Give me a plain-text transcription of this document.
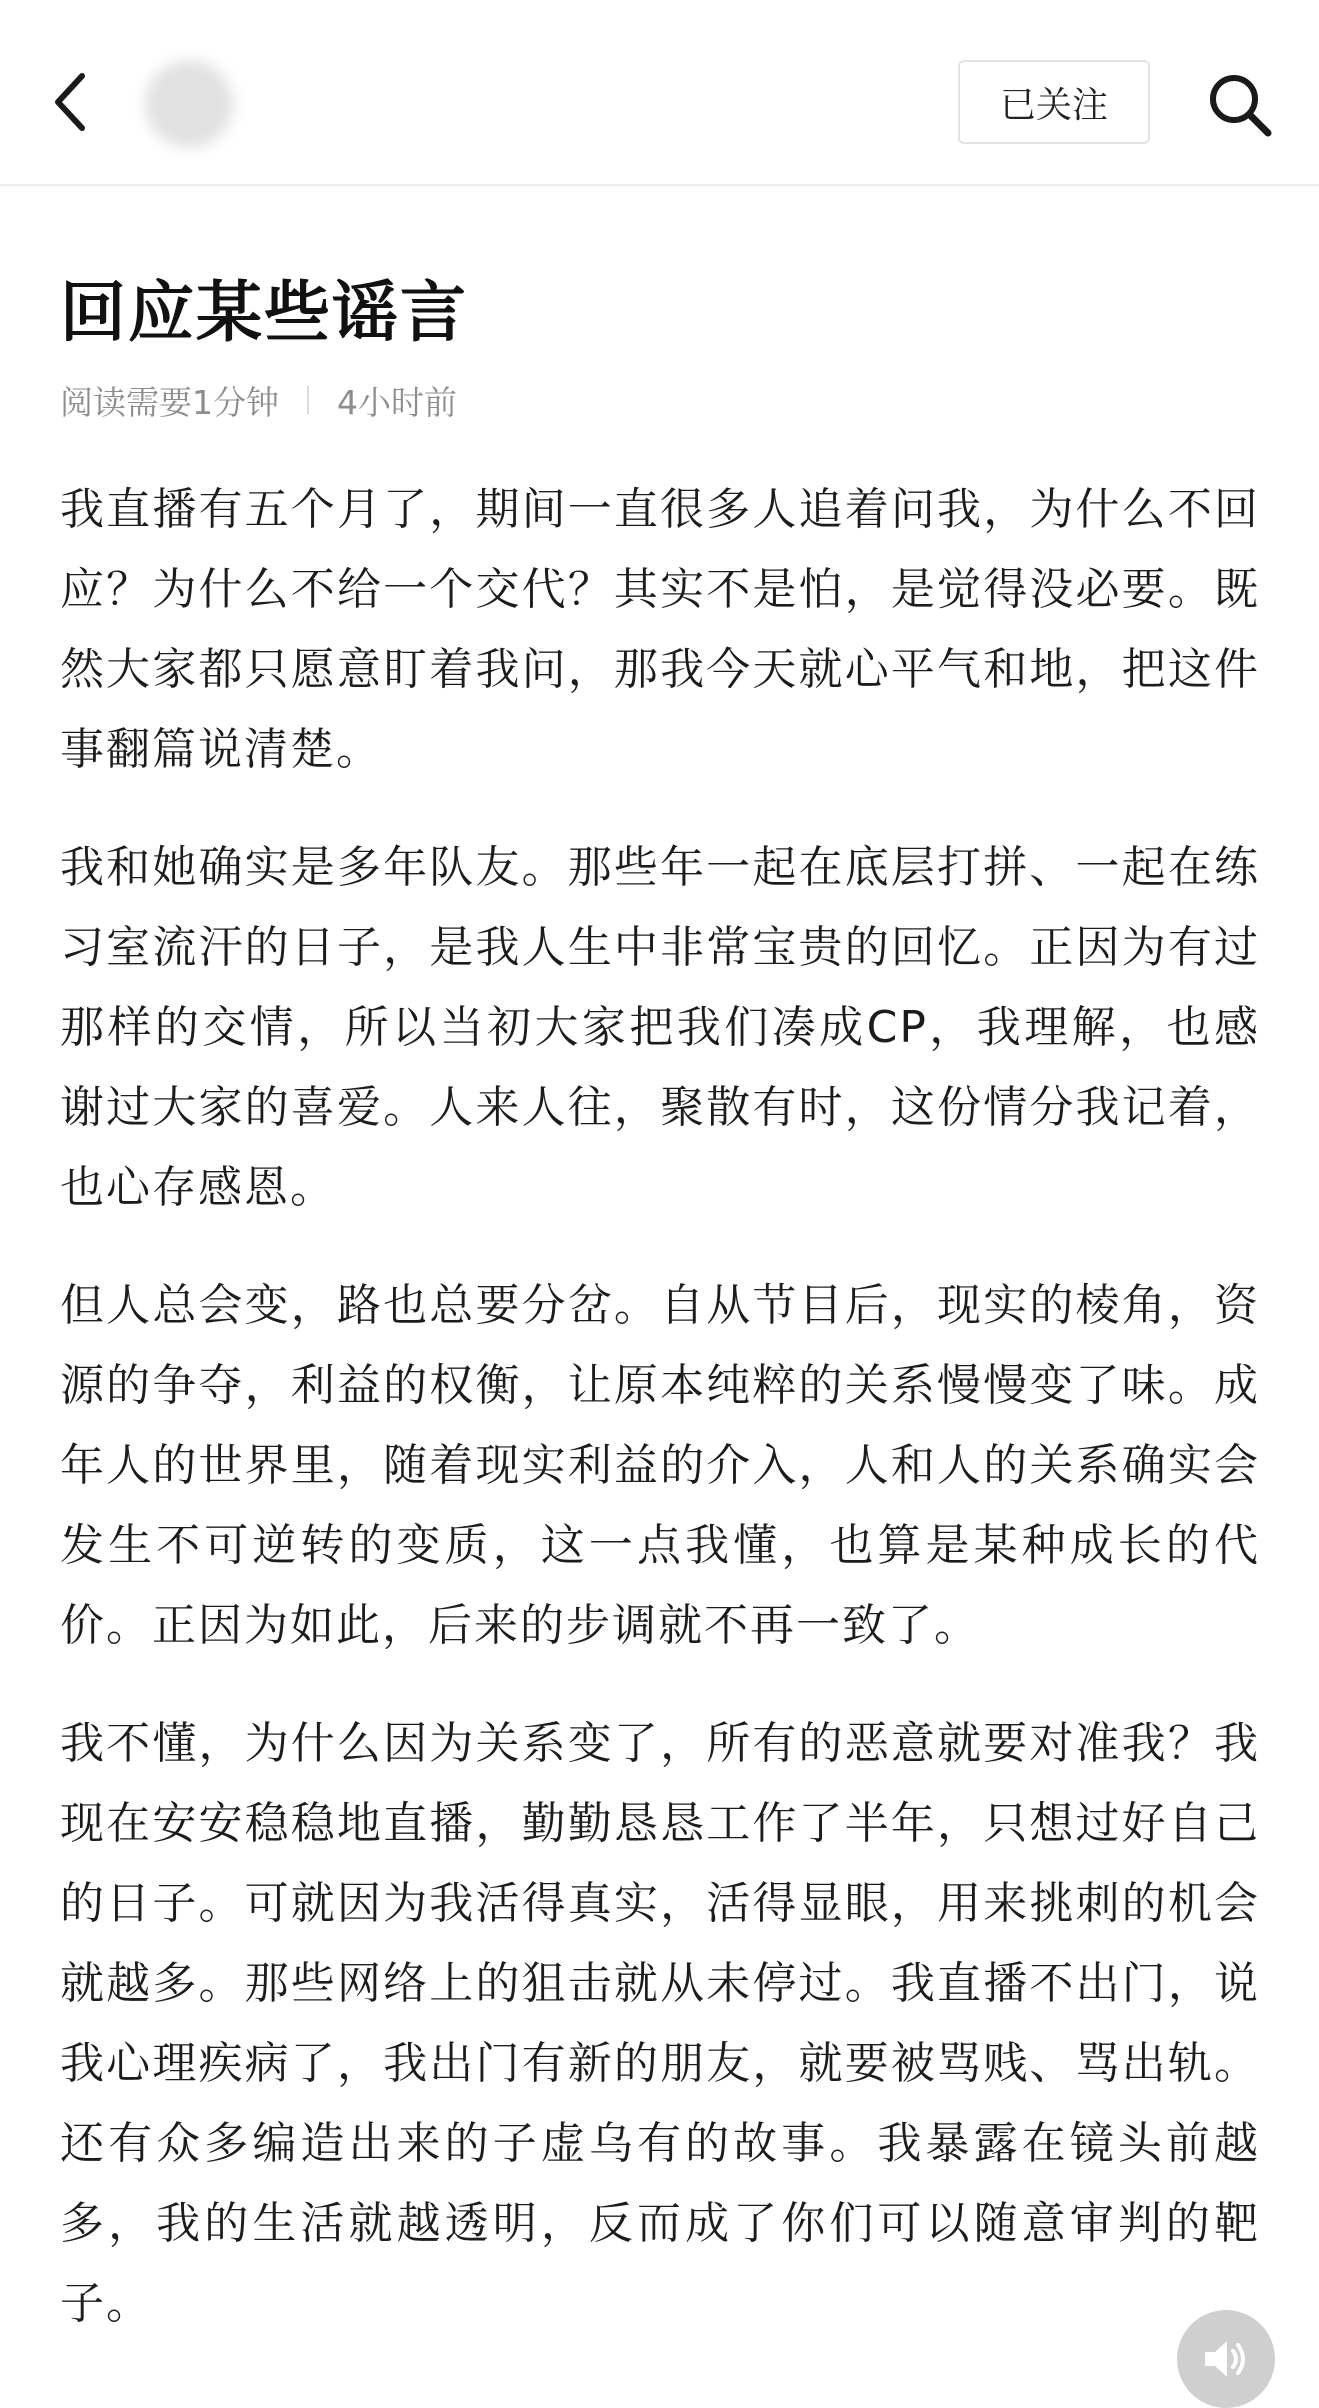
已关注
回应某些谣言
阅读需要1分钟 4小时前

我直播有五个月了，期间一直很多人追着问我，为什么不回应？为什么不给一个交代？其实不是怕，是觉得没必要。既然大家都只愿意盯着我问，那我今天就心平气和地，把这件事翻篇说清楚。

我和她确实是多年队友。那些年一起在底层打拼、一起在练习室流汗的日子，是我人生中非常宝贵的回忆。正因为有过那样的交情，所以当初大家把我们凑成CP，我理解，也感谢过大家的喜爱。人来人往，聚散有时，这份情分我记着，也心存感恩。

但人总会变，路也总要分岔。自从节目后，现实的棱角，资源的争夺，利益的权衡，让原本纯粹的关系慢慢变了味。成年人的世界里，随着现实利益的介入，人和人的关系确实会发生不可逆转的变质，这一点我懂，也算是某种成长的代价。正因为如此，后来的步调就不再一致了。

我不懂，为什么因为关系变了，所有的恶意就要对准我？我现在安安稳稳地直播，勤勤恳恳工作了半年，只想过好自己的日子。可就因为我活得真实，活得显眼，用来挑刺的机会就越多。那些网络上的狙击就从未停过。我直播不出门，说我心理疾病了，我出门有新的朋友，就要被骂贱、骂出轨。还有众多编造出来的子虚乌有的故事。我暴露在镜头前越多，我的生活就越透明，反而成了你们可以随意审判的靶子。
